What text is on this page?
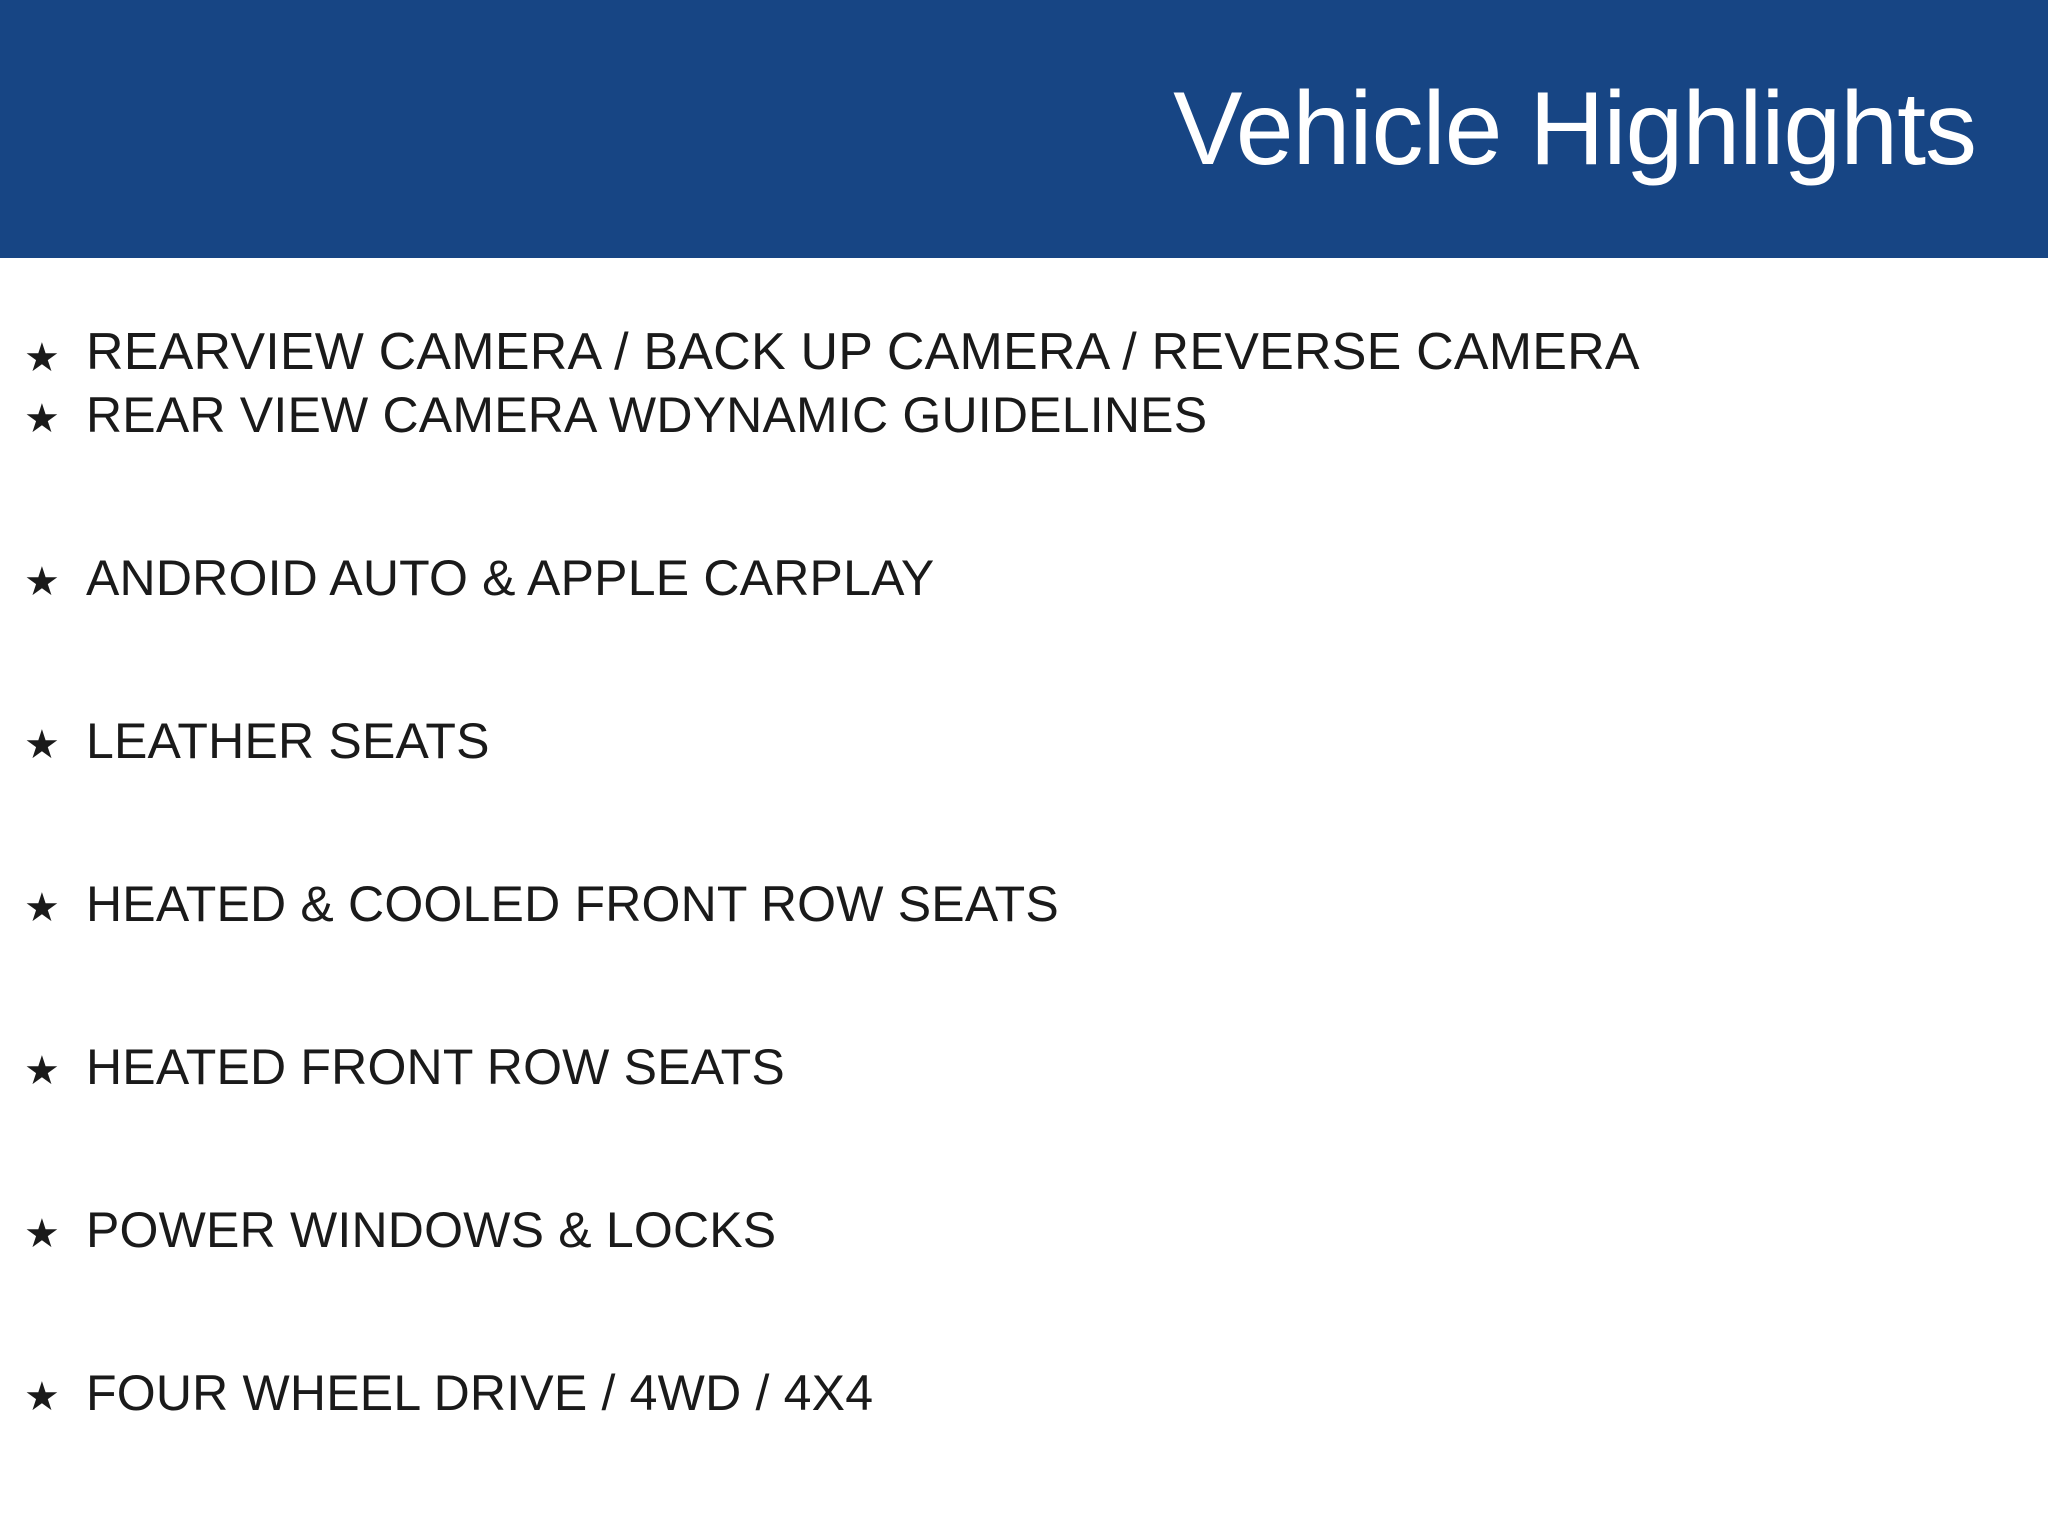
Vehicle Highlights
★ REARVIEW CAMERA / BACK UP CAMERA / REVERSE CAMERA
★ REAR VIEW CAMERA WDYNAMIC GUIDELINES
★ ANDROID AUTO & APPLE CARPLAY
★ LEATHER SEATS
★ HEATED & COOLED FRONT ROW SEATS
★ HEATED FRONT ROW SEATS
★ POWER WINDOWS & LOCKS
★ FOUR WHEEL DRIVE / 4WD / 4X4
